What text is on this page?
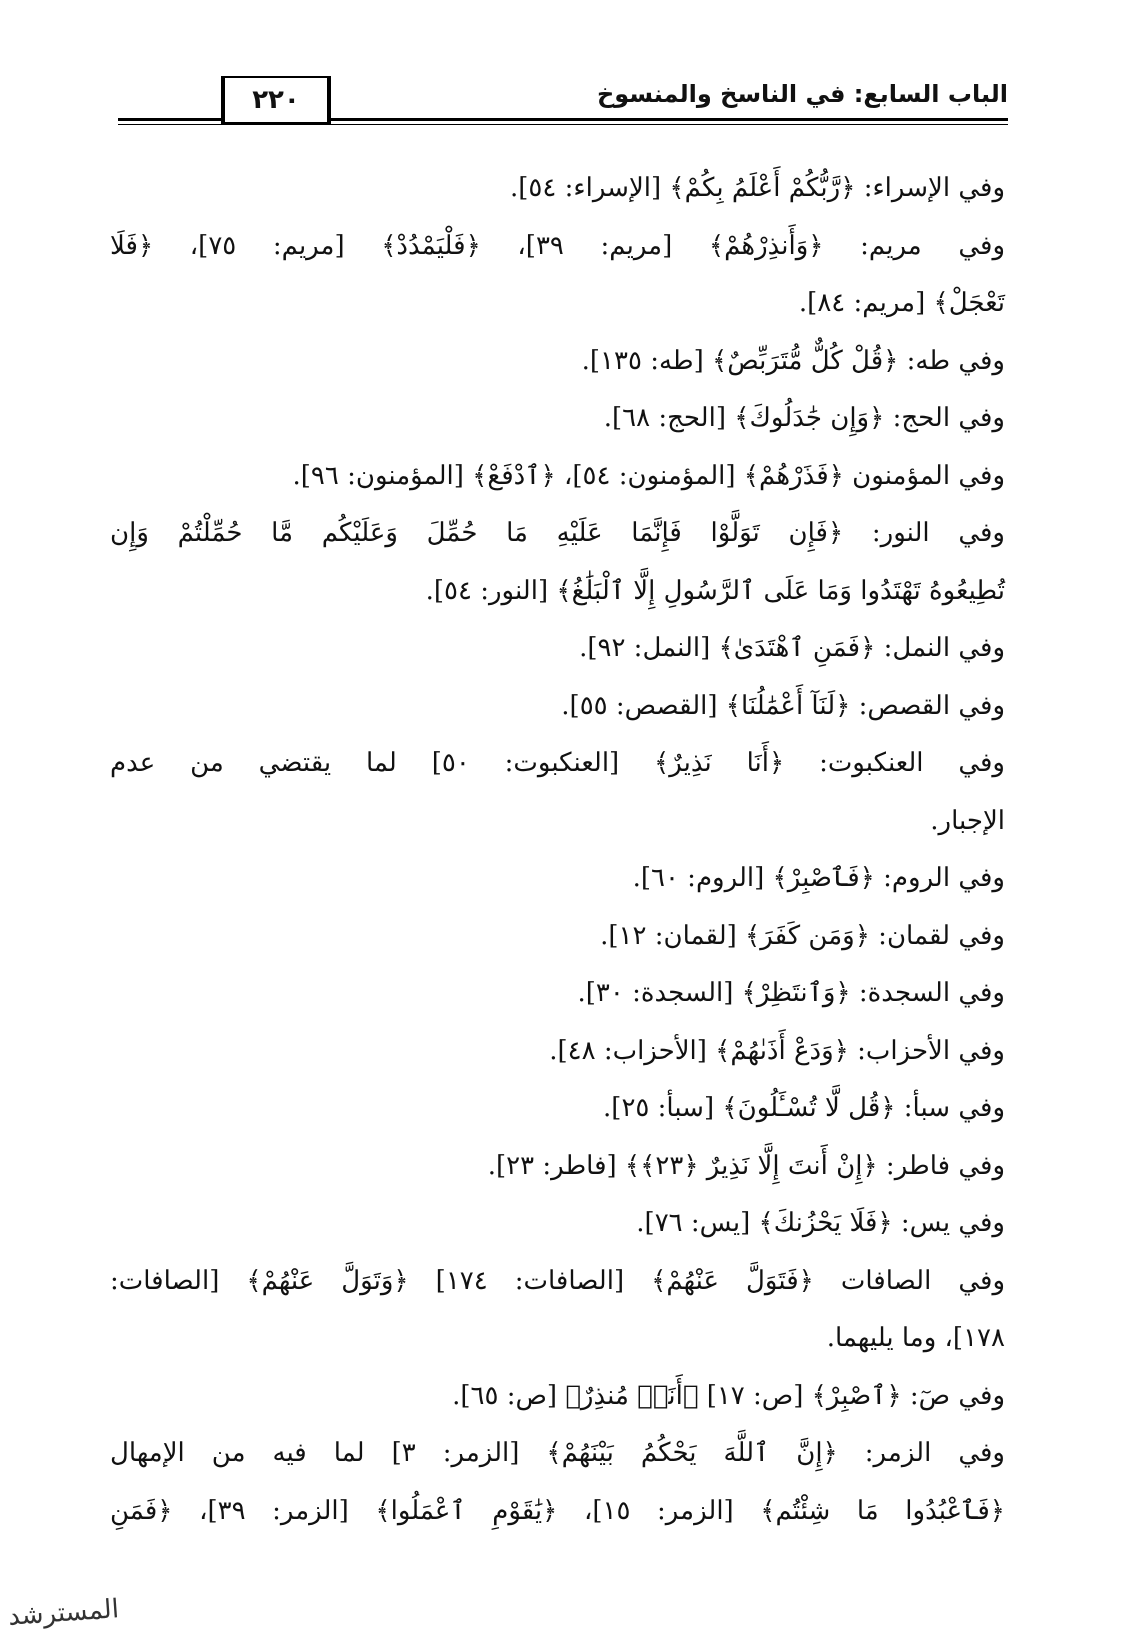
٢٢٠	الباب السابع: في الناسخ والمنسوخ
وفي الإسراء: ﴿رَّبُّكُمْ أَعْلَمُ بِكُمْ﴾ [الإسراء: ٥٤].
وفي مريم: ﴿وَأَنذِرْهُمْ﴾ [مريم: ٣٩]، ﴿فَلْيَمْدُدْ﴾ [مريم: ٧٥]، ﴿فَلَا
تَعْجَلْ﴾ [مريم: ٨٤].
وفي طه: ﴿قُلْ كُلٌّ مُّتَرَبِّصٌ﴾ [طه: ١٣٥].
وفي الحج: ﴿وَإِن جَٰدَلُوكَ﴾ [الحج: ٦٨].
وفي المؤمنون ﴿فَذَرْهُمْ﴾ [المؤمنون: ٥٤]، ﴿ٱدْفَعْ﴾ [المؤمنون: ٩٦].
وفي النور: ﴿فَإِن تَوَلَّوْا فَإِنَّمَا عَلَيْهِ مَا حُمِّلَ وَعَلَيْكُم مَّا حُمِّلْتُمْ وَإِن
تُطِيعُوهُ تَهْتَدُوا وَمَا عَلَى ٱلرَّسُولِ إِلَّا ٱلْبَلَٰغُ﴾ [النور: ٥٤].
وفي النمل: ﴿فَمَنِ ٱهْتَدَىٰ﴾ [النمل: ٩٢].
وفي القصص: ﴿لَنَآ أَعْمَٰلُنَا﴾ [القصص: ٥٥].
وفي العنكبوت: ﴿أَنَا نَذِيرٌ﴾ [العنكبوت: ٥٠] لما يقتضي من عدم
الإجبار.
وفي الروم: ﴿فَٱصْبِرْ﴾ [الروم: ٦٠].
وفي لقمان: ﴿وَمَن كَفَرَ﴾ [لقمان: ١٢].
وفي السجدة: ﴿وَٱنتَظِرْ﴾ [السجدة: ٣٠].
وفي الأحزاب: ﴿وَدَعْ أَذَىٰهُمْ﴾ [الأحزاب: ٤٨].
وفي سبأ: ﴿قُل لَّا تُسْـَٔلُونَ﴾ [سبأ: ٢٥].
وفي فاطر: ﴿إِنْ أَنتَ إِلَّا نَذِيرٌ ﴿٢٣﴾﴾ [فاطر: ٢٣].
وفي يس: ﴿فَلَا يَحْزُنكَ﴾ [يس: ٧٦].
وفي الصافات ﴿فَتَوَلَّ عَنْهُمْ﴾ [الصافات: ١٧٤] ﴿وَتَوَلَّ عَنْهُمْ﴾ [الصافات:
١٧٨]، وما يليهما.
وفي صٓ: ﴿ٱصْبِرْ﴾ [ص: ١٧] ﴿أَنَا۠ مُنذِرٌ﴾ [ص: ٦٥].
وفي الزمر: ﴿إِنَّ ٱللَّهَ يَحْكُمُ بَيْنَهُمْ﴾ [الزمر: ٣] لما فيه من الإمهال
﴿فَٱعْبُدُوا مَا شِئْتُم﴾ [الزمر: ١٥]، ﴿يَٰقَوْمِ ٱعْمَلُوا﴾ [الزمر: ٣٩]، ﴿فَمَنِ
المسترشد
